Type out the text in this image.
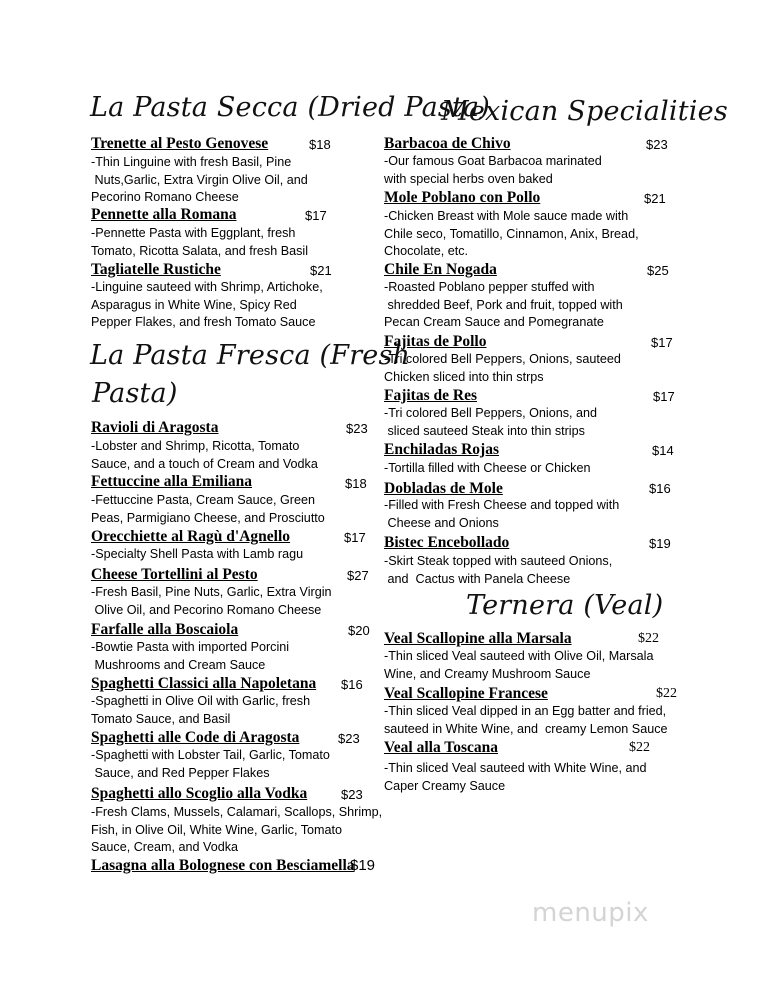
La Pasta Secca (Dried Pasta)
Trenette al Pesto Genovese	$18
-Thin Linguine with fresh Basil, Pine
Nuts,Garlic, Extra Virgin Olive Oil, and
Pecorino Romano Cheese
Pennette alla Romana	$17
-Pennette Pasta with Eggplant, fresh
Tomato, Ricotta Salata, and fresh Basil
Tagliatelle Rustiche	$21
-Linguine sauteed with Shrimp, Artichoke,
Asparagus in White Wine, Spicy Red
Pepper Flakes, and fresh Tomato Sauce
La Pasta Fresca (Fresh
Pasta)
Ravioli di Aragosta	$23
-Lobster and Shrimp, Ricotta, Tomato
Sauce, and a touch of Cream and Vodka
Fettuccine alla Emiliana	$18
-Fettuccine Pasta, Cream Sauce, Green
Peas, Parmigiano Cheese, and Prosciutto
Orecchiette al Ragù d'Agnello	$17
-Specialty Shell Pasta with Lamb ragu
Cheese Tortellini al Pesto	$27
-Fresh Basil, Pine Nuts, Garlic, Extra Virgin
Olive Oil, and Pecorino Romano Cheese
Farfalle alla Boscaiola	$20
-Bowtie Pasta with imported Porcini
Mushrooms and Cream Sauce
Spaghetti Classici alla Napoletana $16
-Spaghetti in Olive Oil with Garlic, fresh
Tomato Sauce, and Basil
Spaghetti alle Code di Aragosta	$23
-Spaghetti with Lobster Tail, Garlic, Tomato
Sauce, and Red Pepper Flakes
Spaghetti allo Scoglio alla Vodka	$23
-Fresh Clams, Mussels, Calamari, Scallops, Shrimp,
Fish, in Olive Oil, White Wine, Garlic, Tomato
Sauce, Cream, and Vodka
Lasagna alla Bolognese con Besciamella
$19
Mexican Specialities
Barbacoa de Chivo	$23
-Our famous Goat Barbacoa marinated
with special herbs oven baked
Mole Poblano con Pollo	$21
-Chicken Breast with Mole sauce made with
Chile seco, Tomatillo, Cinnamon, Anix, Bread,
Chocolate, etc.
Chile En Nogada	$25
-Roasted Poblano pepper stuffed with
shredded Beef, Pork and fruit, topped with
Pecan Cream Sauce and Pomegranate
Fajitas de Pollo	$17
-Tri colored Bell Peppers, Onions, sauteed
Chicken sliced into thin strps
Fajitas de Res	$17
-Tri colored Bell Peppers, Onions, and
sliced sauteed Steak into thin strips
Enchiladas Rojas	$14
-Tortilla filled with Cheese or Chicken
Dobladas de Mole	$16
-Filled with Fresh Cheese and topped with
Cheese and Onions
Bistec Encebollado	$19
-Skirt Steak topped with sauteed Onions,
and  Cactus with Panela Cheese
Ternera (Veal)
Veal Scallopine alla Marsala	$22
-Thin sliced Veal sauteed with Olive Oil, Marsala
Wine, and Creamy Mushroom Sauce
Veal Scallopine Francese	$22
-Thin sliced Veal dipped in an Egg batter and fried,
sauteed in White Wine, and  creamy Lemon Sauce
Veal alla Toscana	$22
-Thin sliced Veal sauteed with White Wine, and
Caper Creamy Sauce
menupix
